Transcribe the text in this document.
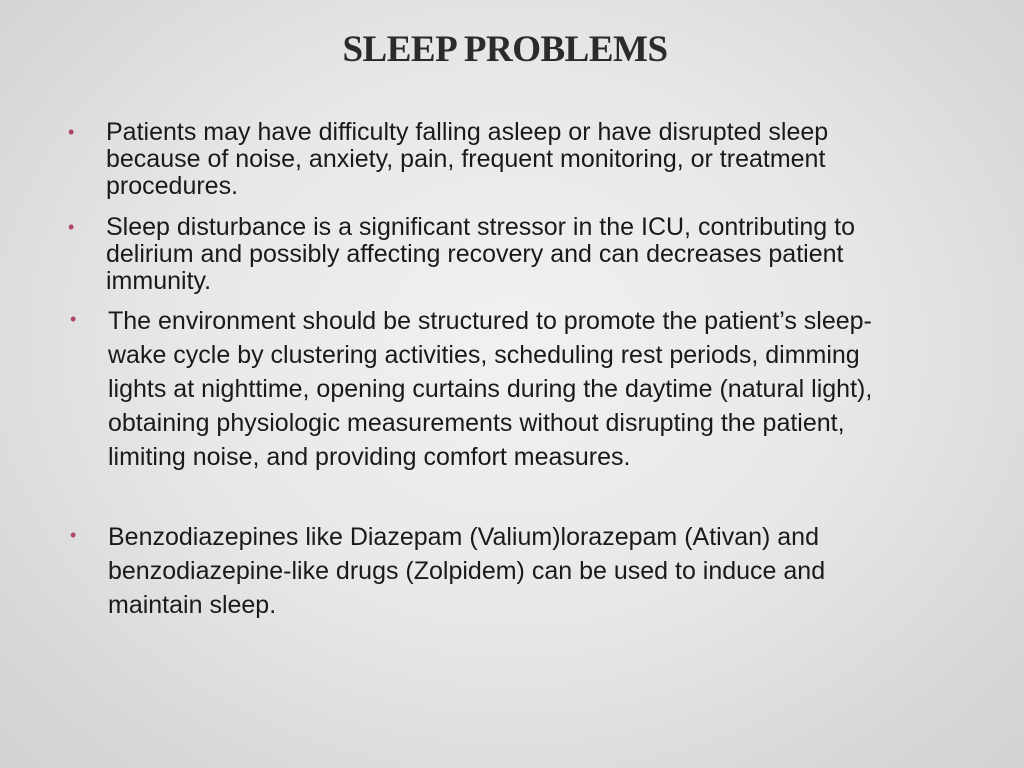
SLEEP PROBLEMS
• Patients may have difficulty falling asleep or have disrupted sleep because of noise, anxiety, pain, frequent monitoring, or treatment procedures.
• Sleep disturbance is a significant stressor in the ICU, contributing to delirium and possibly affecting recovery and can decreases patient immunity.
• The environment should be structured to promote the patient’s sleep-wake cycle by clustering activities, scheduling rest periods, dimming lights at nighttime, opening curtains during the daytime (natural light), obtaining physiologic measurements without disrupting the patient, limiting noise, and providing comfort measures.
• Benzodiazepines like Diazepam (Valium)lorazepam (Ativan) and benzodiazepine-like drugs (Zolpidem) can be used to induce and maintain sleep.
